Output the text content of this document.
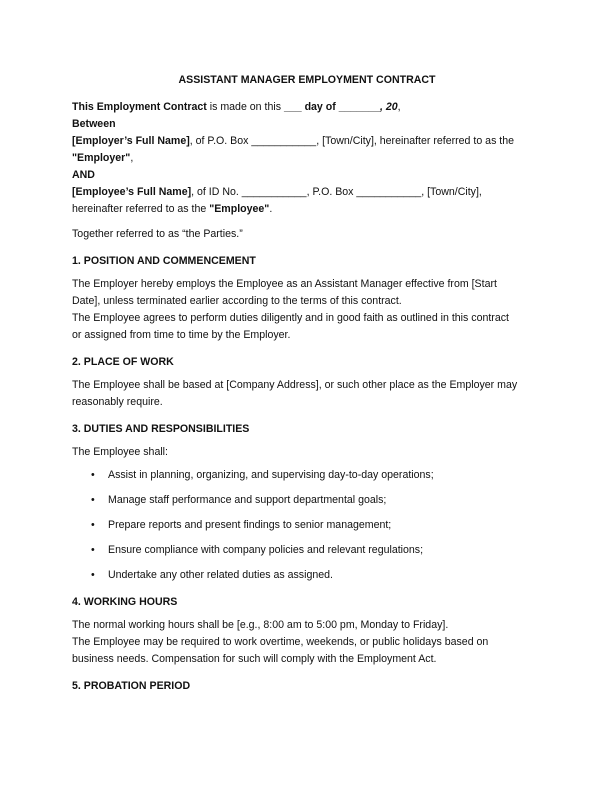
ASSISTANT MANAGER EMPLOYMENT CONTRACT
This Employment Contract is made on this ___ day of _______, 20,
Between
[Employer’s Full Name], of P.O. Box ___________, [Town/City], hereinafter referred to as the
"Employer",
AND
[Employee’s Full Name], of ID No. ___________, P.O. Box ___________, [Town/City],
hereinafter referred to as the "Employee".
Together referred to as “the Parties.”
1. POSITION AND COMMENCEMENT
The Employer hereby employs the Employee as an Assistant Manager effective from [Start
Date], unless terminated earlier according to the terms of this contract.
The Employee agrees to perform duties diligently and in good faith as outlined in this contract
or assigned from time to time by the Employer.
2. PLACE OF WORK
The Employee shall be based at [Company Address], or such other place as the Employer may
reasonably require.
3. DUTIES AND RESPONSIBILITIES
The Employee shall:
• Assist in planning, organizing, and supervising day-to-day operations;
• Manage staff performance and support departmental goals;
• Prepare reports and present findings to senior management;
• Ensure compliance with company policies and relevant regulations;
• Undertake any other related duties as assigned.
4. WORKING HOURS
The normal working hours shall be [e.g., 8:00 am to 5:00 pm, Monday to Friday].
The Employee may be required to work overtime, weekends, or public holidays based on
business needs. Compensation for such will comply with the Employment Act.
5. PROBATION PERIOD
